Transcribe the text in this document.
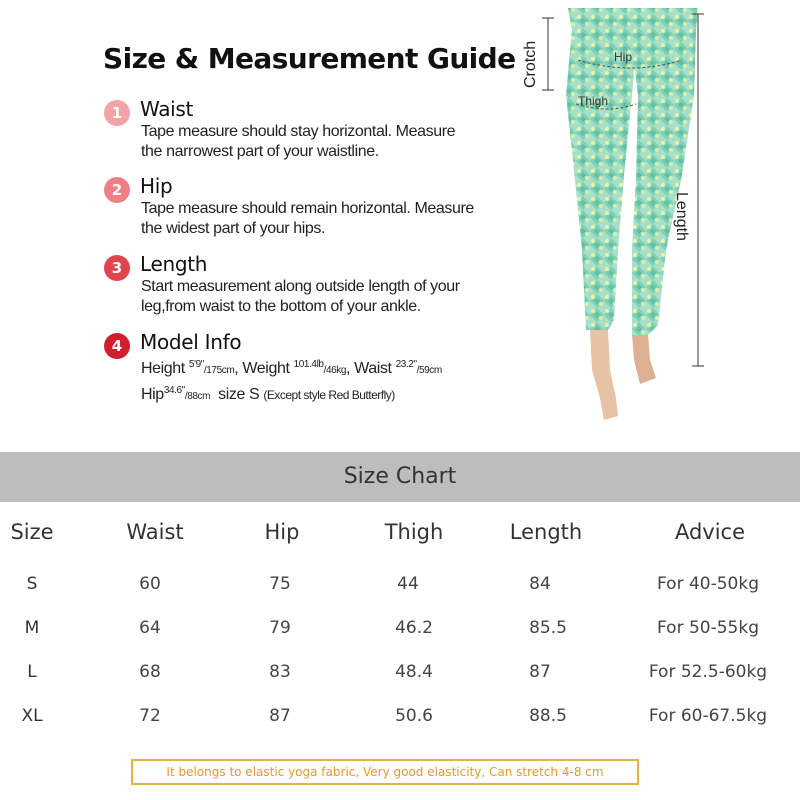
Size & Measurement Guide
1 Waist
Tape measure should stay horizontal. Measure
the narrowest part of your waistline.
2 Hip
Tape measure should remain horizontal. Measure
the widest part of your hips.
3 Length
Start measurement along outside length of your
leg,from waist to the bottom of your ankle.
4 Model Info
Height $^{5'9"}$/175cm, Weight $^{101.4lb}$/46kg, Waist $^{23.2"}$/59cm
Hip$^{34.6"}$/88cm size S (Except style Red Butterfly)
Crotch	Hip
Thigh
Length
Size Chart
Size	Waist	Hip	Thigh	Length	Advice
S	60	75	44	84	For 40-50kg
M	64	79	46.2	85.5	For 50-55kg
L	68	83	48.4	87	For 52.5-60kg
XL	72	87	50.6	88.5	For 60-67.5kg
It belongs to elastic yoga fabric, Very good elasticity, Can stretch 4-8 cm
